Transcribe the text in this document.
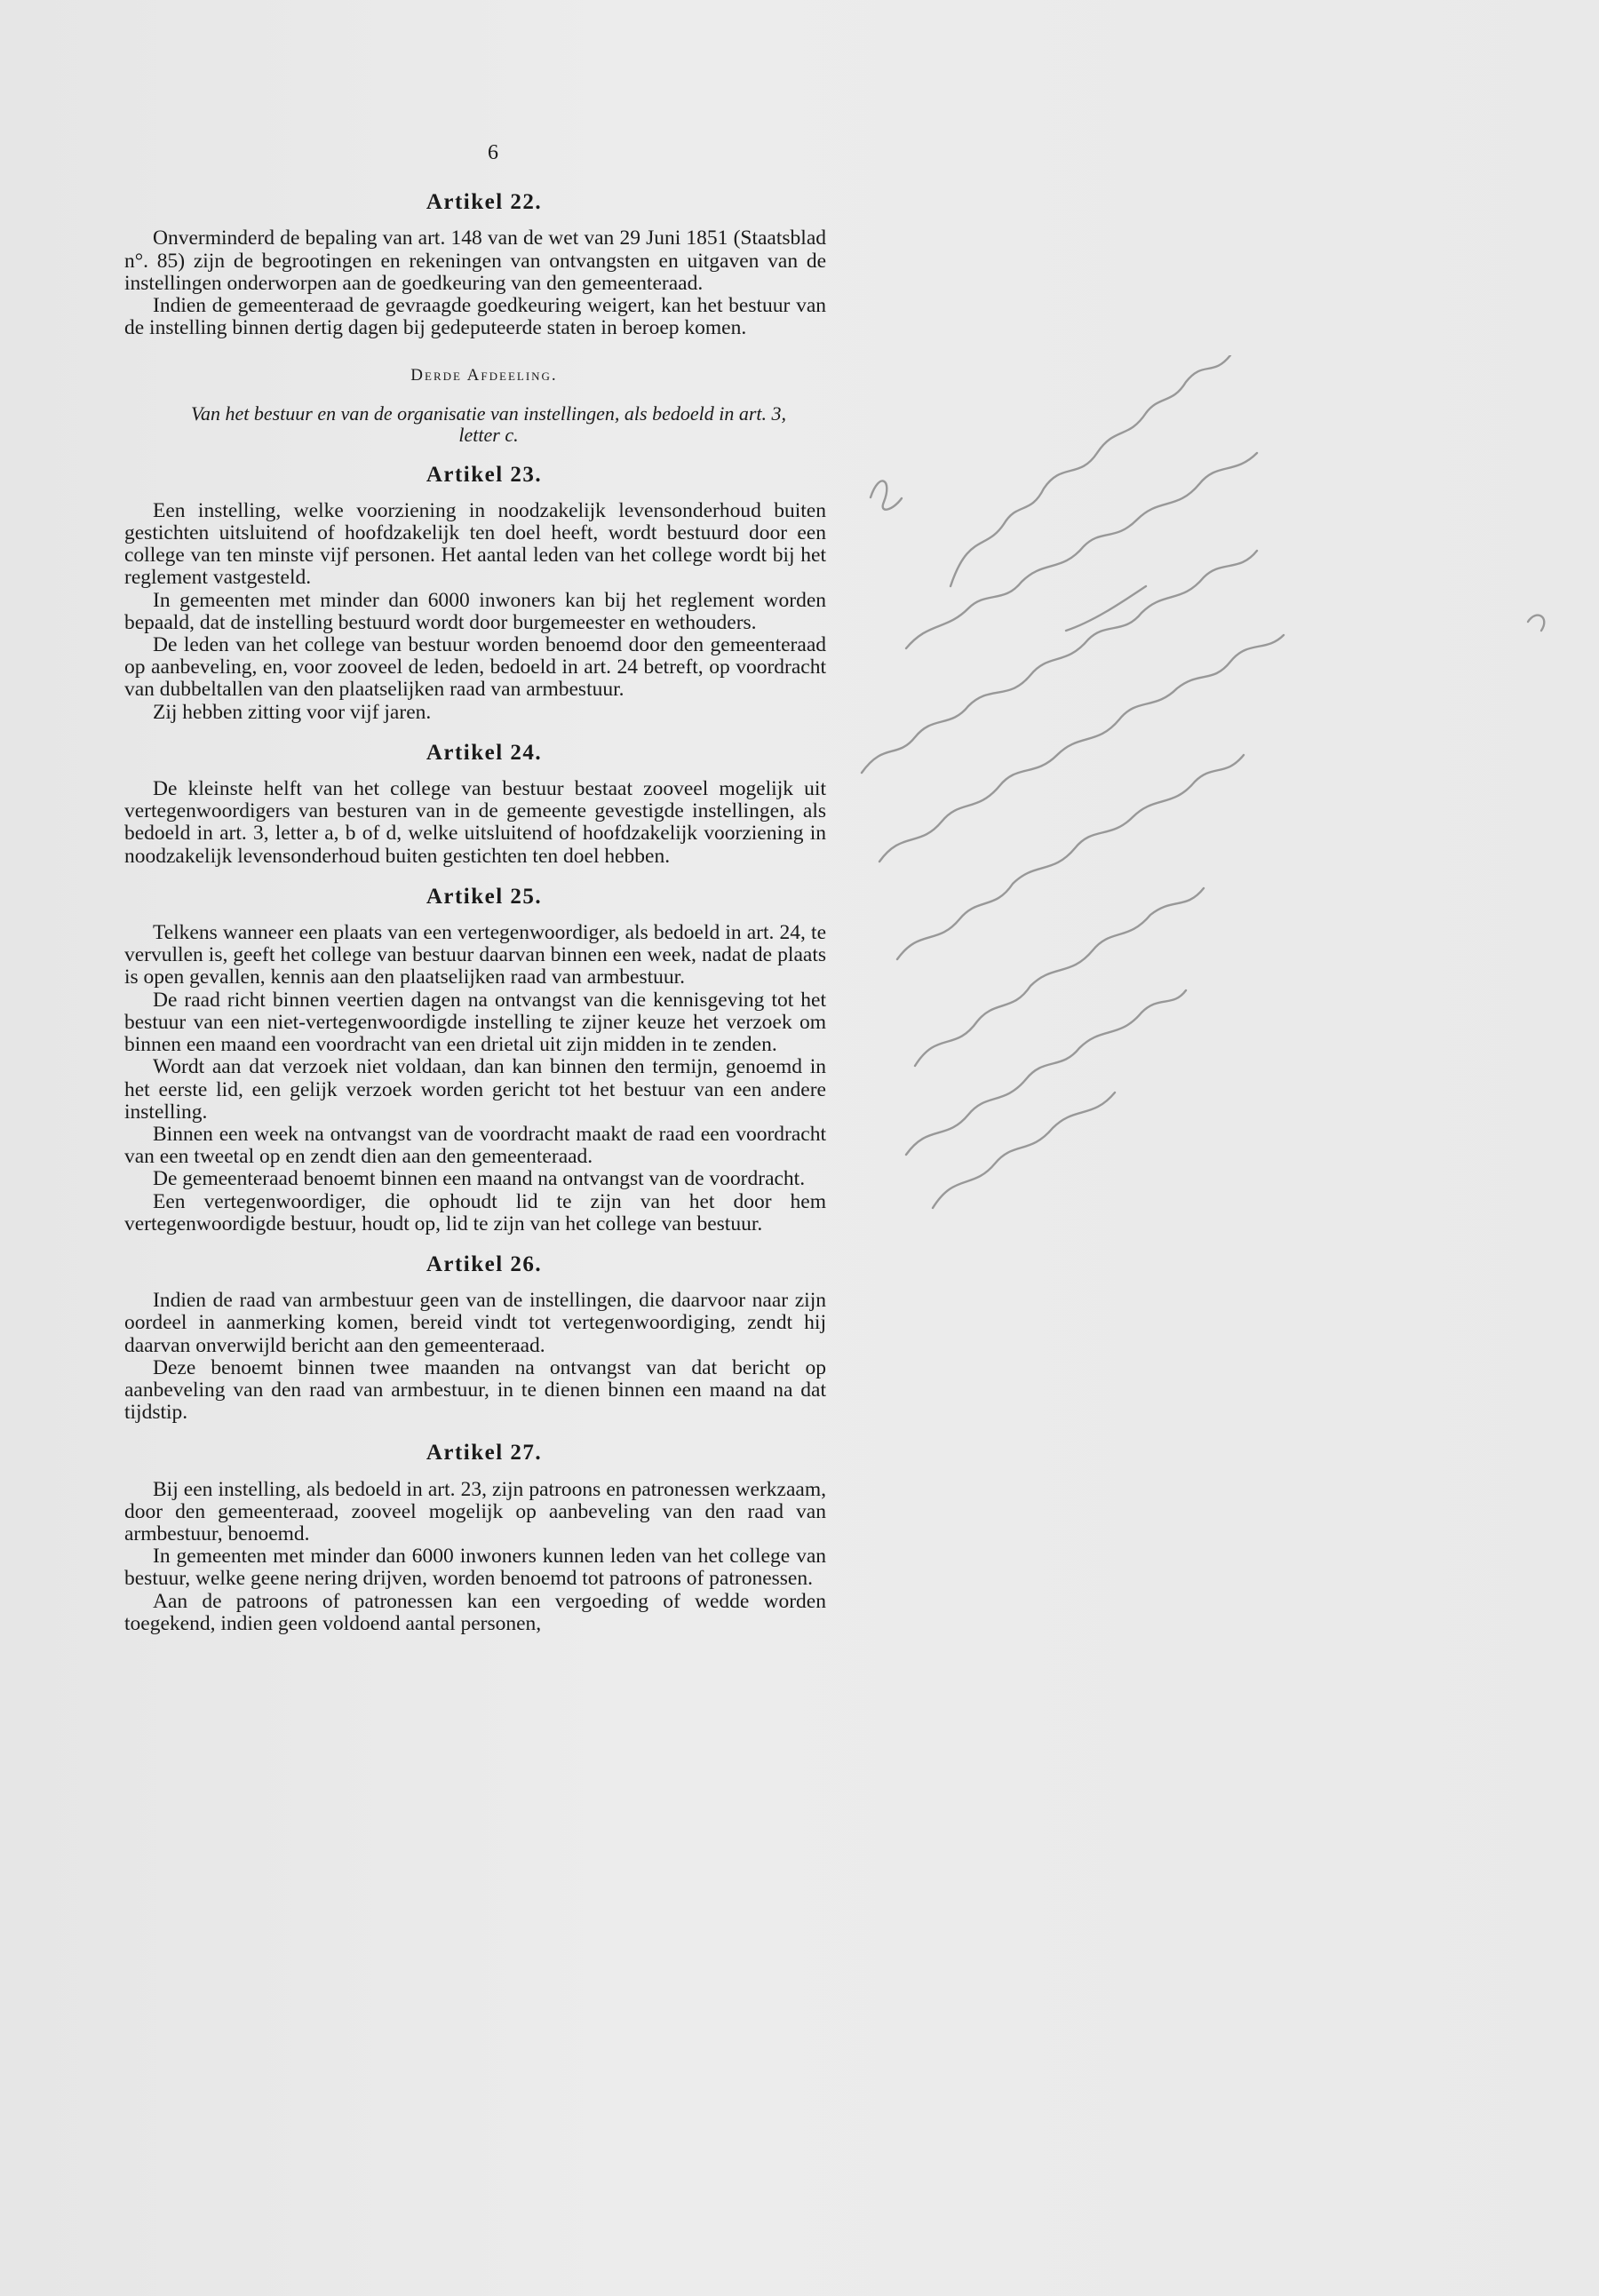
6
Artikel 22.

Onverminderd de bepaling van art. 148 van de wet van 29 Juni 1851 (Staatsblad n°. 85) zijn de begrootingen en rekeningen van ontvangsten en uitgaven van de instellingen onderworpen aan de goedkeuring van den gemeenteraad.

Indien de gemeenteraad de gevraagde goedkeuring weigert, kan het bestuur van de instelling binnen dertig dagen bij gedeputeerde staten in beroep komen.

Derde Afdeeling.
Van het bestuur en van de organisatie van instellingen, als bedoeld in art. 3, letter c.
Artikel 23.

Een instelling, welke voorziening in noodzakelijk levensonderhoud buiten gestichten uitsluitend of hoofdzakelijk ten doel heeft, wordt bestuurd door een college van ten minste vijf personen. Het aantal leden van het college wordt bij het reglement vastgesteld.

In gemeenten met minder dan 6000 inwoners kan bij het reglement worden bepaald, dat de instelling bestuurd wordt door burgemeester en wethouders.

De leden van het college van bestuur worden benoemd door den gemeenteraad op aanbeveling, en, voor zooveel de leden, bedoeld in art. 24 betreft, op voordracht van dubbeltallen van den plaatselijken raad van armbestuur.

Zij hebben zitting voor vijf jaren.

Artikel 24.

De kleinste helft van het college van bestuur bestaat zooveel mogelijk uit vertegenwoordigers van besturen van in de gemeente gevestigde instellingen, als bedoeld in art. 3, letter a, b of d, welke uitsluitend of hoofdzakelijk voorziening in noodzakelijk levensonderhoud buiten gestichten ten doel hebben.

Artikel 25.

Telkens wanneer een plaats van een vertegenwoordiger, als bedoeld in art. 24, te vervullen is, geeft het college van bestuur daarvan binnen een week, nadat de plaats is open gevallen, kennis aan den plaatselijken raad van armbestuur.

De raad richt binnen veertien dagen na ontvangst van die kennisgeving tot het bestuur van een niet-vertegenwoordigde instelling te zijner keuze het verzoek om binnen een maand een voordracht van een drietal uit zijn midden in te zenden.

Wordt aan dat verzoek niet voldaan, dan kan binnen den termijn, genoemd in het eerste lid, een gelijk verzoek worden gericht tot het bestuur van een andere instelling.

Binnen een week na ontvangst van de voordracht maakt de raad een voordracht van een tweetal op en zendt dien aan den gemeenteraad.

De gemeenteraad benoemt binnen een maand na ontvangst van de voordracht.

Een vertegenwoordiger, die ophoudt lid te zijn van het door hem vertegenwoordigde bestuur, houdt op, lid te zijn van het college van bestuur.

Artikel 26.

Indien de raad van armbestuur geen van de instellingen, die daarvoor naar zijn oordeel in aanmerking komen, bereid vindt tot vertegenwoordiging, zendt hij daarvan onverwijld bericht aan den gemeenteraad.

Deze benoemt binnen twee maanden na ontvangst van dat bericht op aanbeveling van den raad van armbestuur, in te dienen binnen een maand na dat tijdstip.

Artikel 27.

Bij een instelling, als bedoeld in art. 23, zijn patroons en patronessen werkzaam, door den gemeenteraad, zooveel mogelijk op aanbeveling van den raad van armbestuur, benoemd.

In gemeenten met minder dan 6000 inwoners kunnen leden van het college van bestuur, welke geene nering drijven, worden benoemd tot patroons of patronessen.

Aan de patroons of patronessen kan een vergoeding of wedde worden toegekend, indien geen voldoend aantal personen,
